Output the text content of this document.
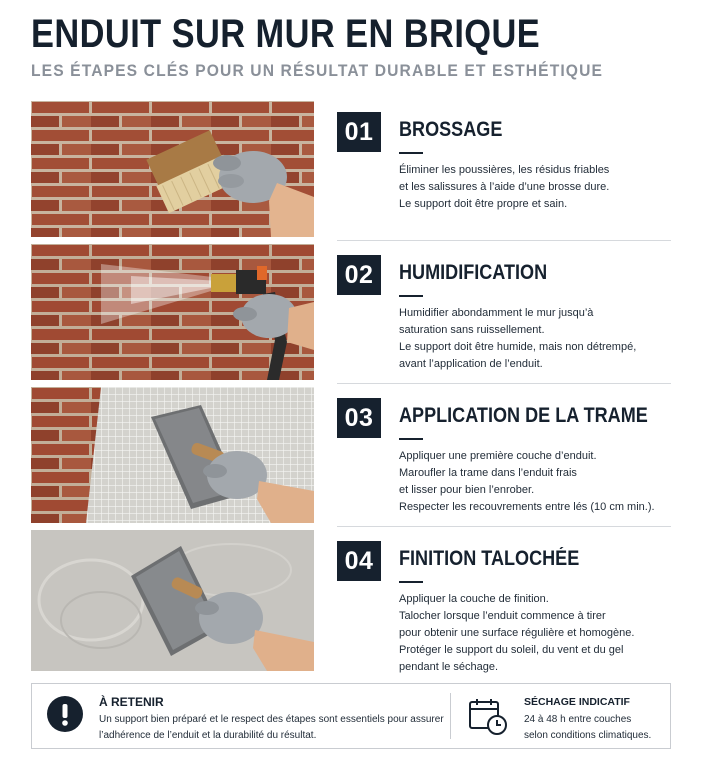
ENDUIT SUR MUR EN BRIQUE
LES ÉTAPES CLÉS POUR UN RÉSULTAT DURABLE ET ESTHÉTIQUE
01	BROSSAGE
Éliminer les poussières, les résidus friables
et les salissures à l’aide d’une brosse dure.
Le support doit être propre et sain.
02	HUMIDIFICATION
Humidifier abondamment le mur jusqu’à
saturation sans ruissellement.
Le support doit être humide, mais non détrempé,
avant l’application de l’enduit.
03	APPLICATION DE LA TRAME
Appliquer une première couche d’enduit.
Maroufler la trame dans l’enduit frais
et lisser pour bien l’enrober.
Respecter les recouvrements entre lés (10 cm min.).
04	FINITION TALOCHÉE
Appliquer la couche de finition.
Talocher lorsque l’enduit commence à tirer
pour obtenir une surface régulière et homogène.
Protéger le support du soleil, du vent et du gel
pendant le séchage.
À RETENIR
Un support bien préparé et le respect des étapes sont essentiels pour assurer
l’adhérence de l’enduit et la durabilité du résultat.
SÉCHAGE INDICATIF
24 à 48 h entre couches
selon conditions climatiques.
